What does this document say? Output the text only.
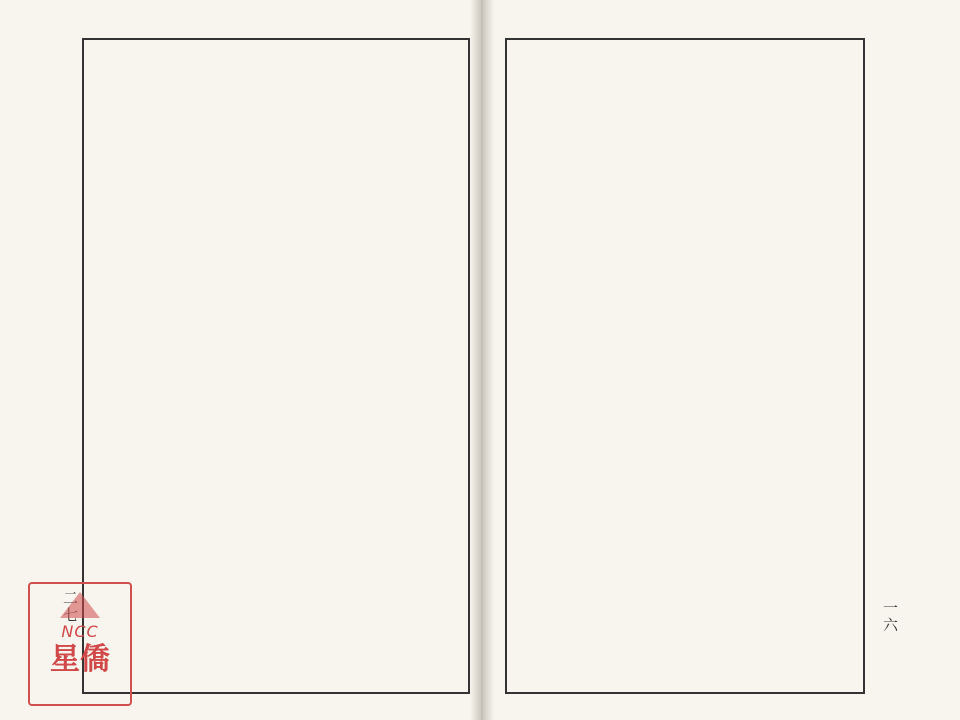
二七
NCC
星僑
一六
